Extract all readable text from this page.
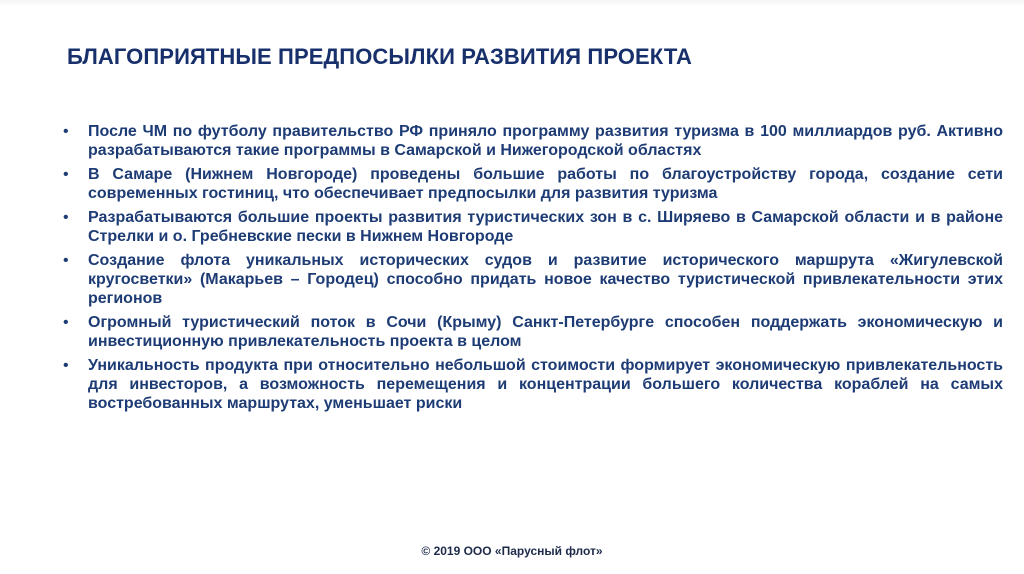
БЛАГОПРИЯТНЫЕ ПРЕДПОСЫЛКИ РАЗВИТИЯ ПРОЕКТА
•	После ЧМ по футболу правительство РФ приняло программу развития туризма в 100 миллиардов руб. Активно разрабатываются такие программы в Самарской и Нижегородской областях
•	В Самаре (Нижнем Новгороде) проведены большие работы по благоустройству города, создание сети современных гостиниц, что обеспечивает предпосылки для развития туризма
•	Разрабатываются большие проекты развития туристических зон в с. Ширяево в Самарской области и в районе Стрелки и о. Гребневские пески в Нижнем Новгороде
•	Создание флота уникальных исторических судов и развитие исторического маршрута «Жигулевской кругосветки» (Макарьев – Городец) способно придать новое качество туристической привлекательности этих регионов
•	Огромный туристический поток в Сочи (Крыму) Санкт-Петербурге способен поддержать экономическую и инвестиционную привлекательность проекта в целом
•	Уникальность продукта при относительно небольшой стоимости формирует экономическую привлекательность для инвесторов, а возможность перемещения и концентрации большего количества кораблей на самых востребованных маршрутах, уменьшает риски
© 2019 ООО «Парусный флот»
